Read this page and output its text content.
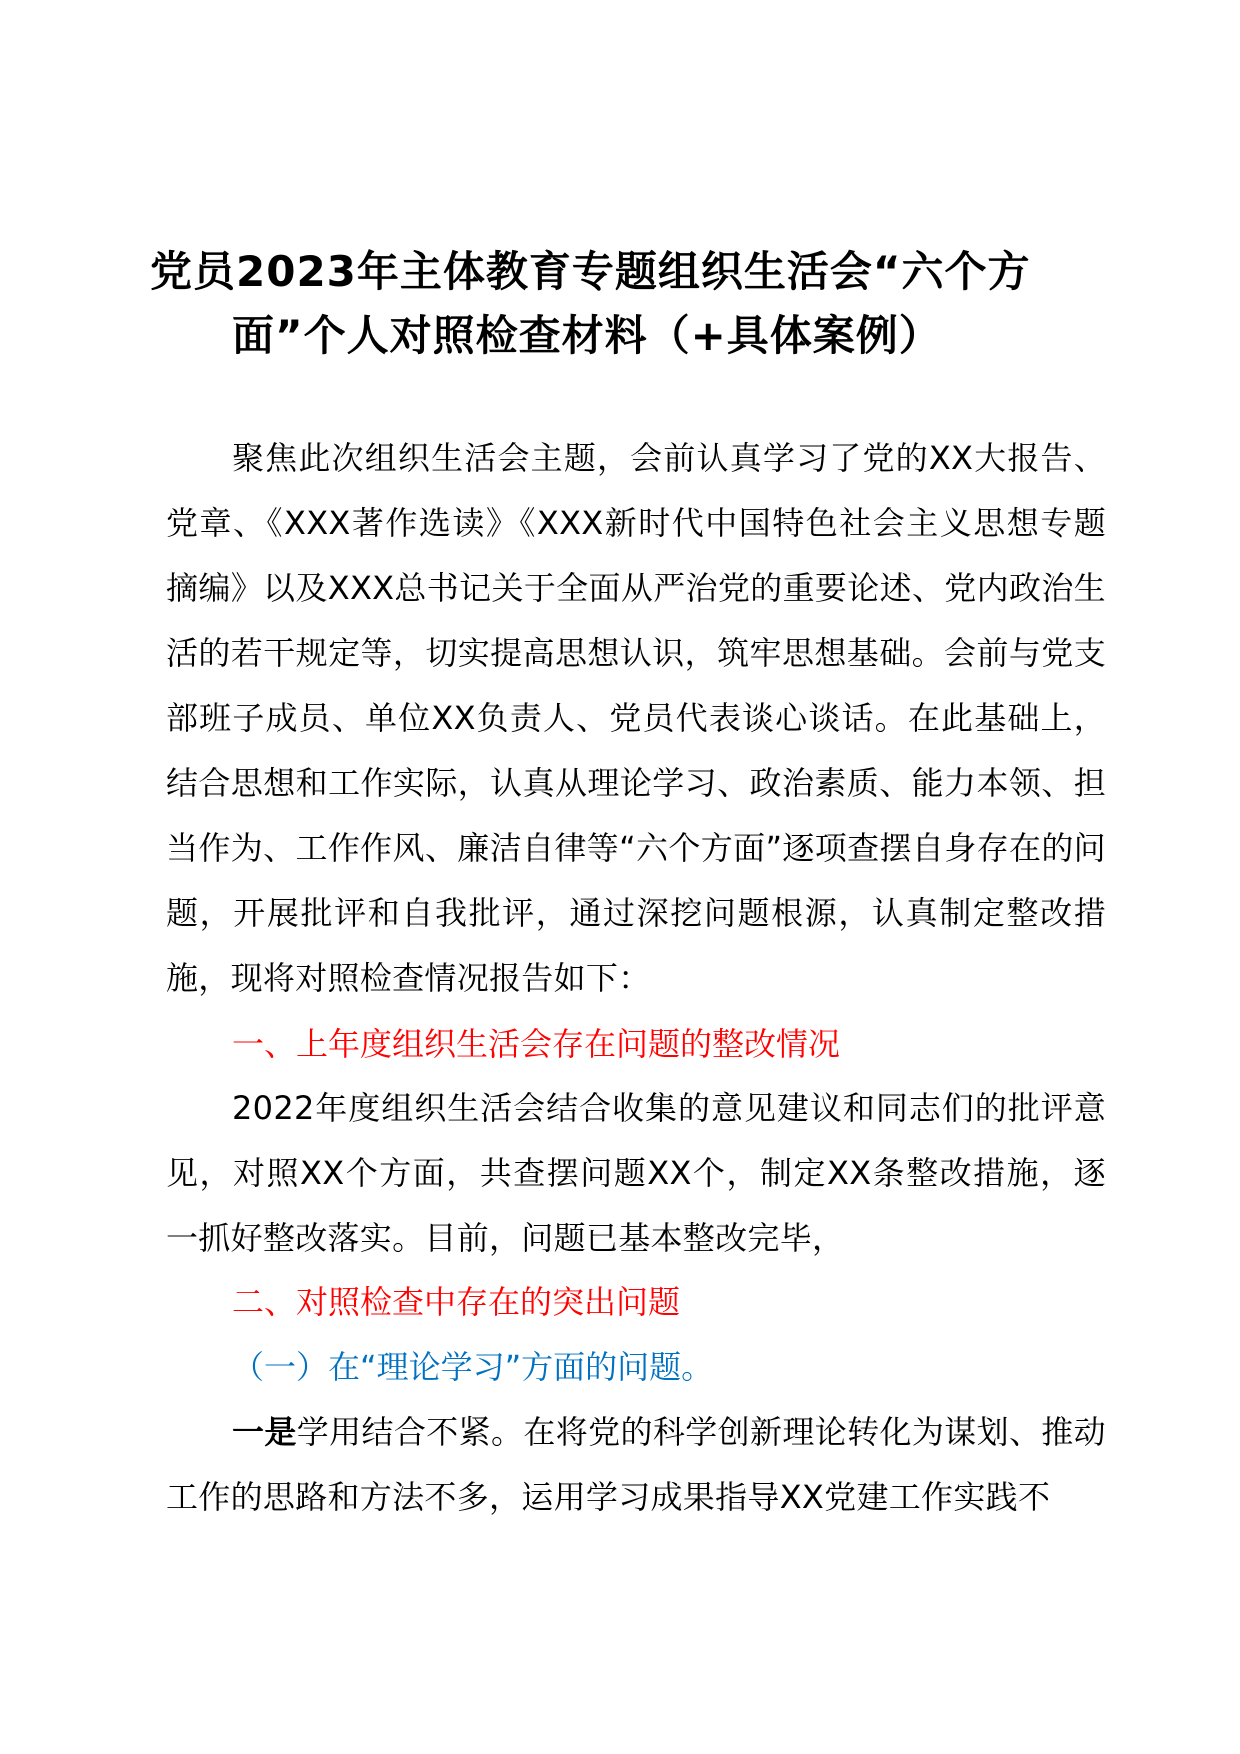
党员2023年主体教育专题组织生活会“六个方
面”个人对照检查材料（+具体案例）

聚焦此次组织生活会主题，会前认真学习了党的XX大报告、党章、《XXX著作选读》《XXX新时代中国特色社会主义思想专题摘编》以及XXX总书记关于全面从严治党的重要论述、党内政治生活的若干规定等，切实提高思想认识，筑牢思想基础。会前与党支部班子成员、单位XX负责人、党员代表谈心谈话。在此基础上，结合思想和工作实际，认真从理论学习、政治素质、能力本领、担当作为、工作作风、廉洁自律等“六个方面”逐项查摆自身存在的问题，开展批评和自我批评，通过深挖问题根源，认真制定整改措施，现将对照检查情况报告如下：

一、上年度组织生活会存在问题的整改情况

2022年度组织生活会结合收集的意见建议和同志们的批评意见，对照XX个方面，共查摆问题XX个，制定XX条整改措施，逐一抓好整改落实。目前，问题已基本整改完毕，

二、对照检查中存在的突出问题
（一）在“理论学习”方面的问题。

一是学用结合不紧。在将党的科学创新理论转化为谋划、推动工作的思路和方法不多，运用学习成果指导XX党建工作实践不
